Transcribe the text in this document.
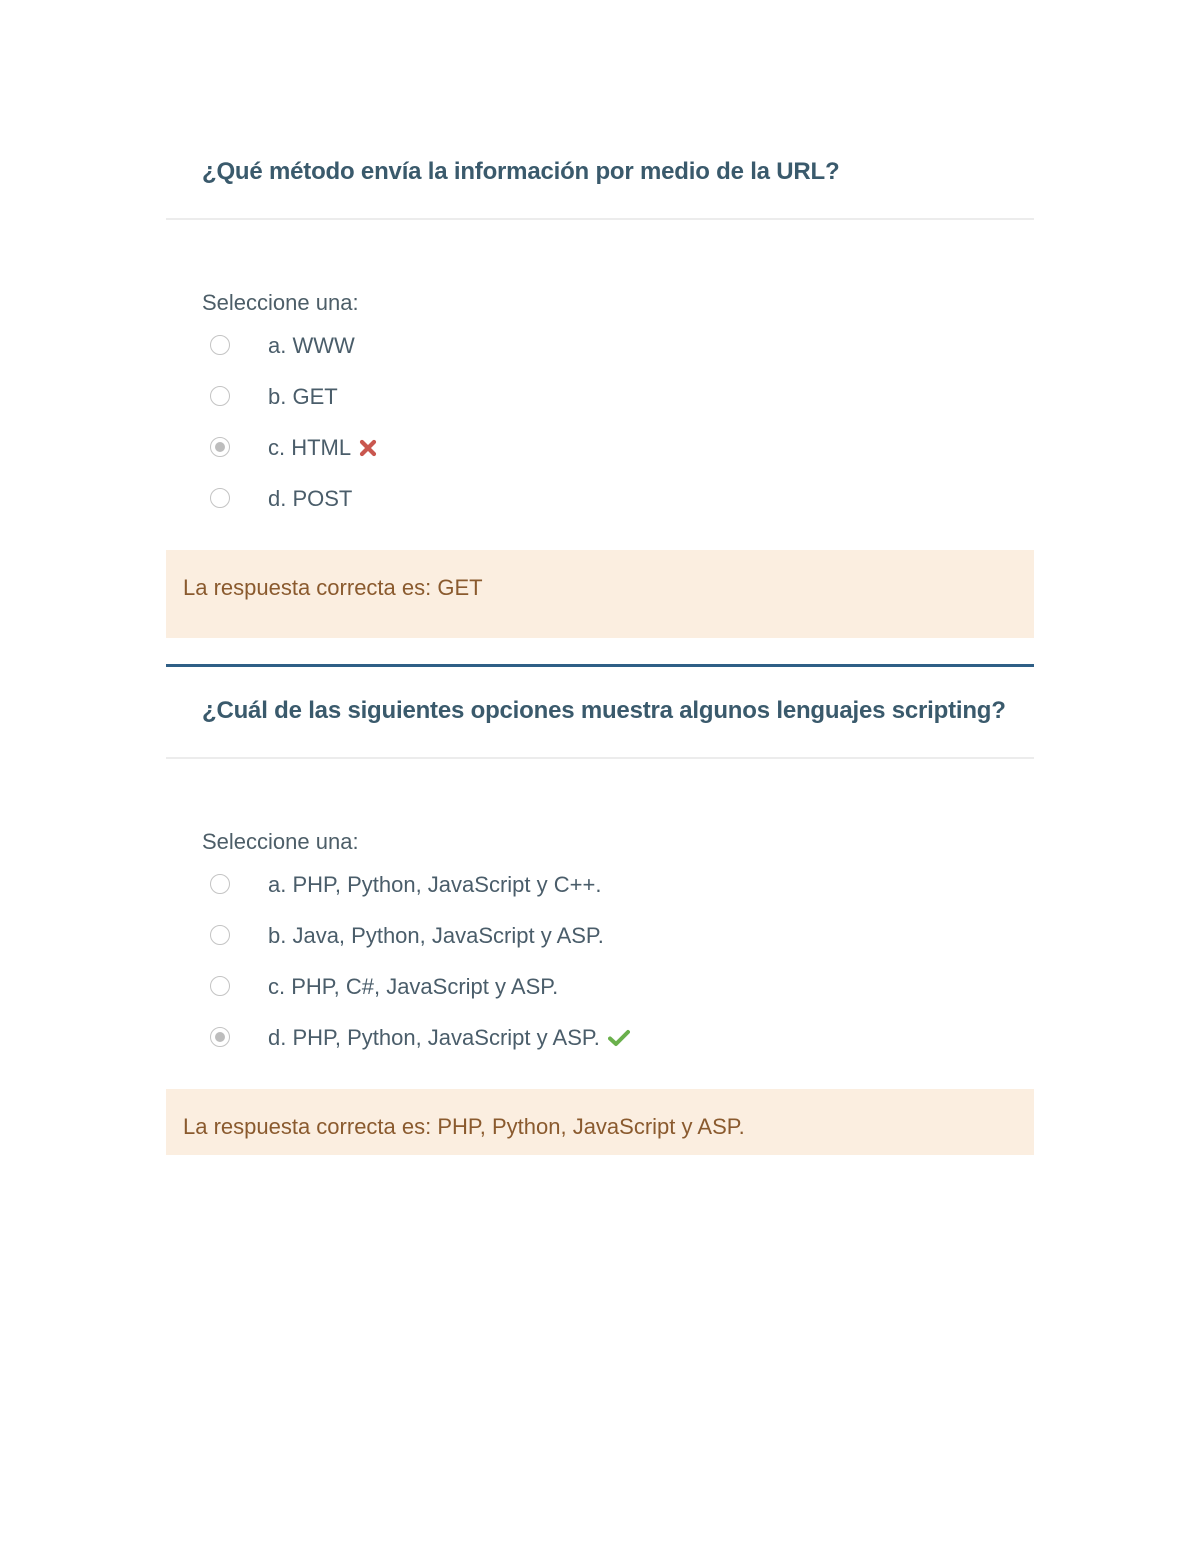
¿Qué método envía la información por medio de la URL?
Seleccione una:
a. WWW
b. GET
c. HTML
d. POST
La respuesta correcta es: GET
¿Cuál de las siguientes opciones muestra algunos lenguajes scripting?
Seleccione una:
a. PHP, Python, JavaScript y C++.
b. Java, Python, JavaScript y ASP.
c. PHP, C#, JavaScript y ASP.
d. PHP, Python, JavaScript y ASP.
La respuesta correcta es: PHP, Python, JavaScript y ASP.
